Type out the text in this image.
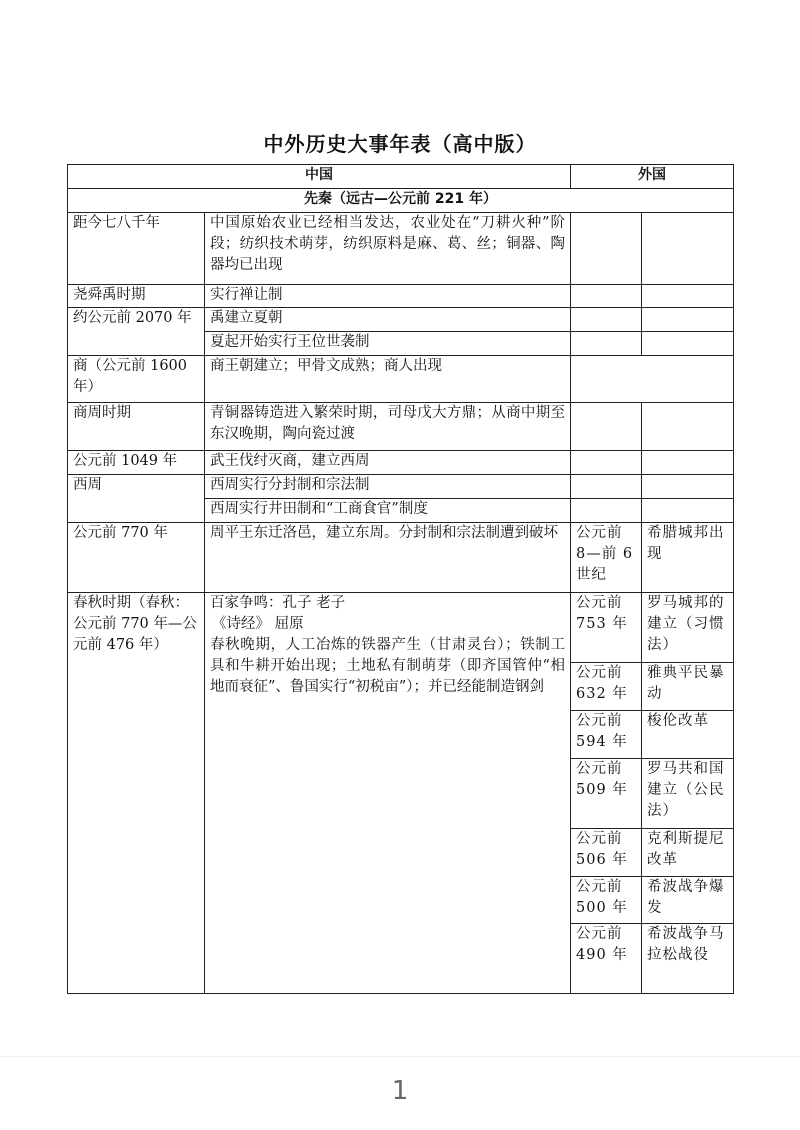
中外历史大事年表（高中版）
中国		外国	
先秦（远古—公元前 221 年）			
距今七八千年	中国原始农业已经相当发达，农业处在“刀耕火种”阶段；纺织技术萌芽，纺织原料是麻、葛、丝；铜器、陶器均已出现		
尧舜禹时期	实行禅让制		
约公元前 2070 年	禹建立夏朝		
	夏起开始实行王位世袭制		
商（公元前 1600 年）	商王朝建立；甲骨文成熟；商人出现		
商周时期	青铜器铸造进入繁荣时期，司母戊大方鼎；从商中期至东汉晚期，陶向瓷过渡		
公元前 1049 年	武王伐纣灭商，建立西周		
西周	西周实行分封制和宗法制		
	西周实行井田制和“工商食官”制度		
公元前 770 年	周平王东迁洛邑，建立东周。分封制和宗法制遭到破坏	公元前 8—前 6 世纪	希腊城邦出现
春秋时期（春秋：公元前 770 年—公元前 476 年）	百家争鸣：孔子 老子
《诗经》 屈原
春秋晚期，人工冶炼的铁器产生（甘肃灵台）；铁制工具和牛耕开始出现；土地私有制萌芽（即齐国管仲“相地而衰征”、鲁国实行“初税亩”）；并已经能制造钢剑	公元前 753 年	罗马城邦的建立（习惯法）
		公元前 632 年	雅典平民暴动
		公元前 594 年	梭伦改革
		公元前 509 年	罗马共和国建立（公民法）
		公元前 506 年	克利斯提尼改革
		公元前 500 年	希波战争爆发
		公元前 490 年	希波战争马拉松战役
1
